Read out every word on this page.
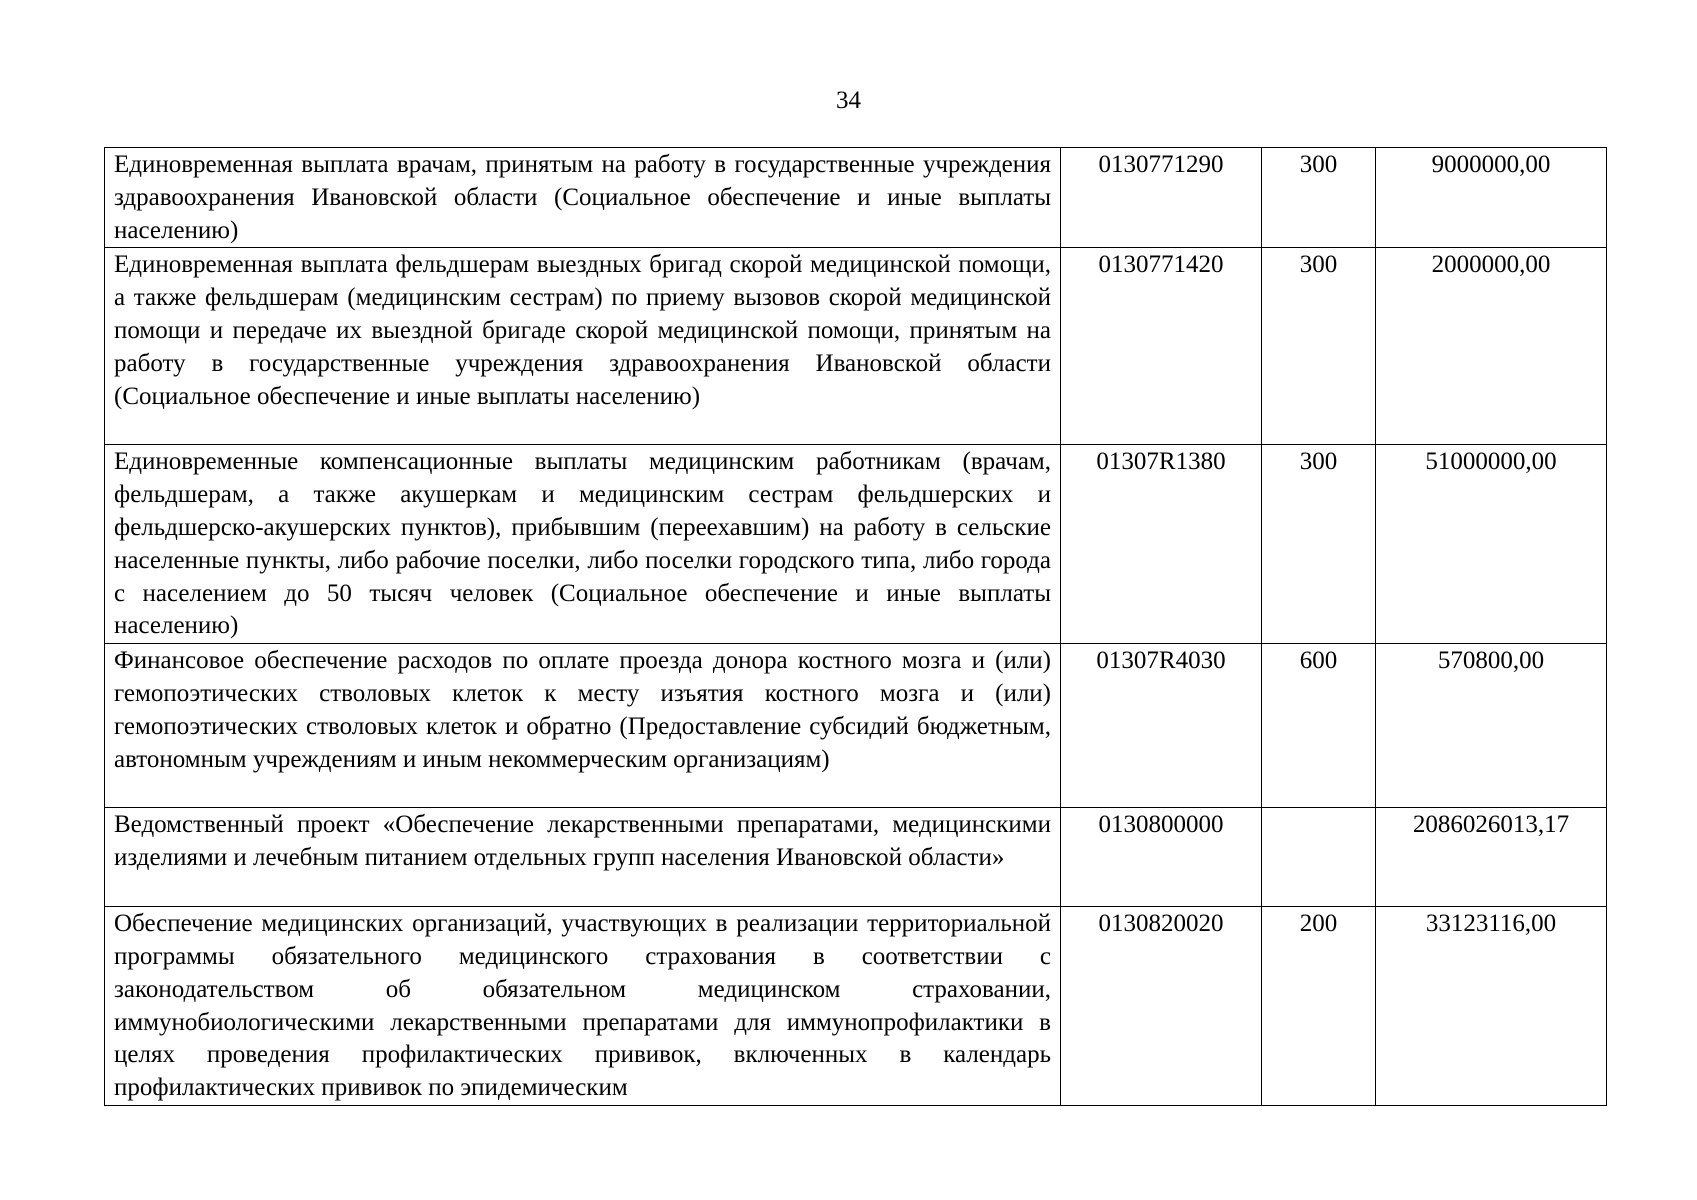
34
Единовременная выплата врачам, принятым на работу в государственные учреждения здравоохранения Ивановской области (Социальное обеспечение и иные выплаты населению)	0130771290	300	9000000,00
Единовременная выплата фельдшерам выездных бригад скорой медицинской помощи, а также фельдшерам (медицинским сестрам) по приему вызовов скорой медицинской помощи и передаче их выездной бригаде скорой медицинской помощи, принятым на работу в государственные учреждения здравоохранения Ивановской области (Социальное обеспечение и иные выплаты населению)	0130771420	300	2000000,00
Единовременные компенсационные выплаты медицинским работникам (врачам, фельдшерам, а также акушеркам и медицинским сестрам фельдшерских и фельдшерско-акушерских пунктов), прибывшим (переехавшим) на работу в сельские населенные пункты, либо рабочие поселки, либо поселки городского типа, либо города с населением до 50 тысяч человек (Социальное обеспечение и иные выплаты населению)	01307R1380	300	51000000,00
Финансовое обеспечение расходов по оплате проезда донора костного мозга и (или) гемопоэтических стволовых клеток к месту изъятия костного мозга и (или) гемопоэтических стволовых клеток и обратно (Предоставление субсидий бюджетным, автономным учреждениям и иным некоммерческим организациям)	01307R4030	600	570800,00
Ведомственный проект «Обеспечение лекарственными препаратами, медицинскими изделиями и лечебным питанием отдельных групп населения Ивановской области»	0130800000		2086026013,17
Обеспечение медицинских организаций, участвующих в реализации территориальной программы обязательного медицинского страхования в соответствии с законодательством об обязательном медицинском страховании, иммунобиологическими лекарственными препаратами для иммунопрофилактики в целях проведения профилактических прививок, включенных в календарь профилактических прививок по эпидемическим	0130820020	200	33123116,00
